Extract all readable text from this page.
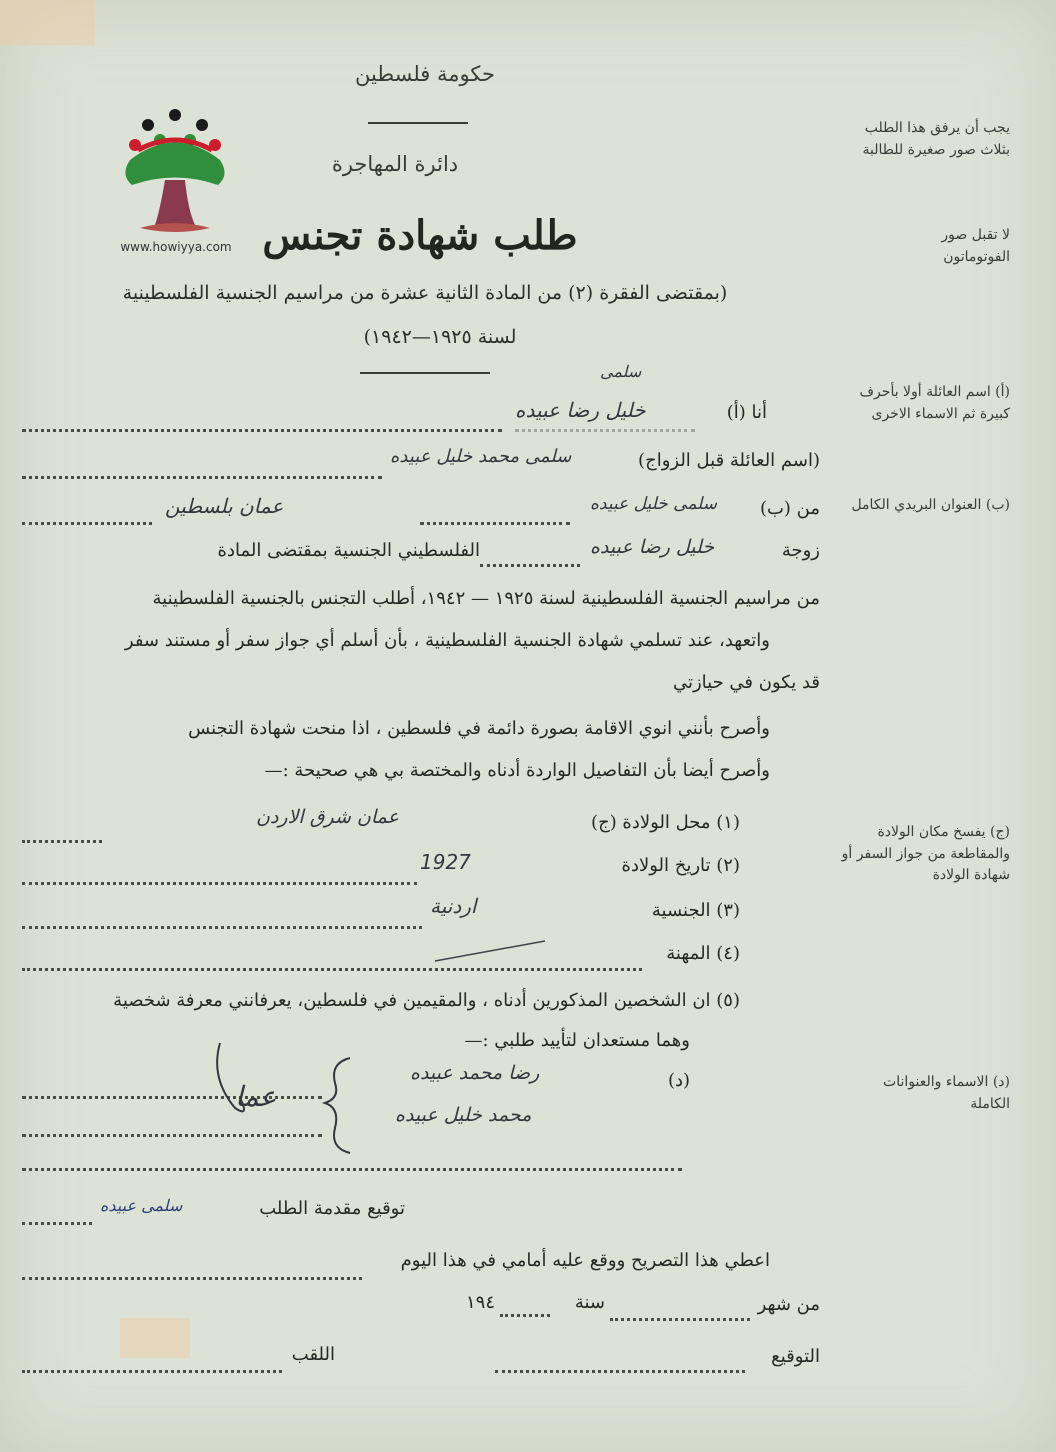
www.howiyya.com
حكومة فلسطين
دائرة المهاجرة
طلب شهادة تجنس
(بمقتضى الفقرة (٢) من المادة الثانية عشرة من مراسيم الجنسية الفلسطينية
لسنة ١٩٢٥—١٩٤٢)
يجب أن يرفق هذا الطلب بثلاث صور صغيرة للطالبة
لا تقبل صور الفوتوماتون
(أ) اسم العائلة أولا بأحرف كبيرة ثم الاسماء الاخرى
(ب) العنوان البريدي الكامل
(ج) يفسخ مكان الولادة والمقاطعة من جواز السفر أو شهادة الولادة
(د) الاسماء والعنوانات الكاملة
سلمى
أنا (أ)
خليل رضا عبيده
(اسم العائلة قبل الزواج)
سلمى محمد خليل عبيده
من (ب)
سلمى خليل عبيده
عمان بلسطين
زوجة
خليل رضا عبيده
الفلسطيني الجنسية بمقتضى المادة
من مراسيم الجنسية الفلسطينية لسنة ١٩٢٥ — ١٩٤٢، أطلب التجنس بالجنسية الفلسطينية
واتعهد، عند تسلمي شهادة الجنسية الفلسطينية ، بأن أسلم أي جواز سفر أو مستند سفر
قد يكون في حيازتي
وأصرح بأنني انوي الاقامة بصورة دائمة في فلسطين ، اذا منحت شهادة التجنس
وأصرح أيضا بأن التفاصيل الواردة أدناه والمختصة بي هي صحيحة :—
(١) محل الولادة (ج)
عمان شرق الاردن
(٢) تاريخ الولادة
1927
(٣) الجنسية
اردنية
(٤) المهنة
(٥) ان الشخصين المذكورين أدناه ، والمقيمين في فلسطين، يعرفانني معرفة شخصية
وهما مستعدان لتأييد طلبي :—
(د)
رضا محمد عبيده
محمد خليل عبيده
عما
توقيع مقدمة الطلب
سلمى عبيده
اعطي هذا التصريح ووقع عليه أمامي في هذا اليوم
من شهر
سنة
١٩٤
التوقيع
اللقب
